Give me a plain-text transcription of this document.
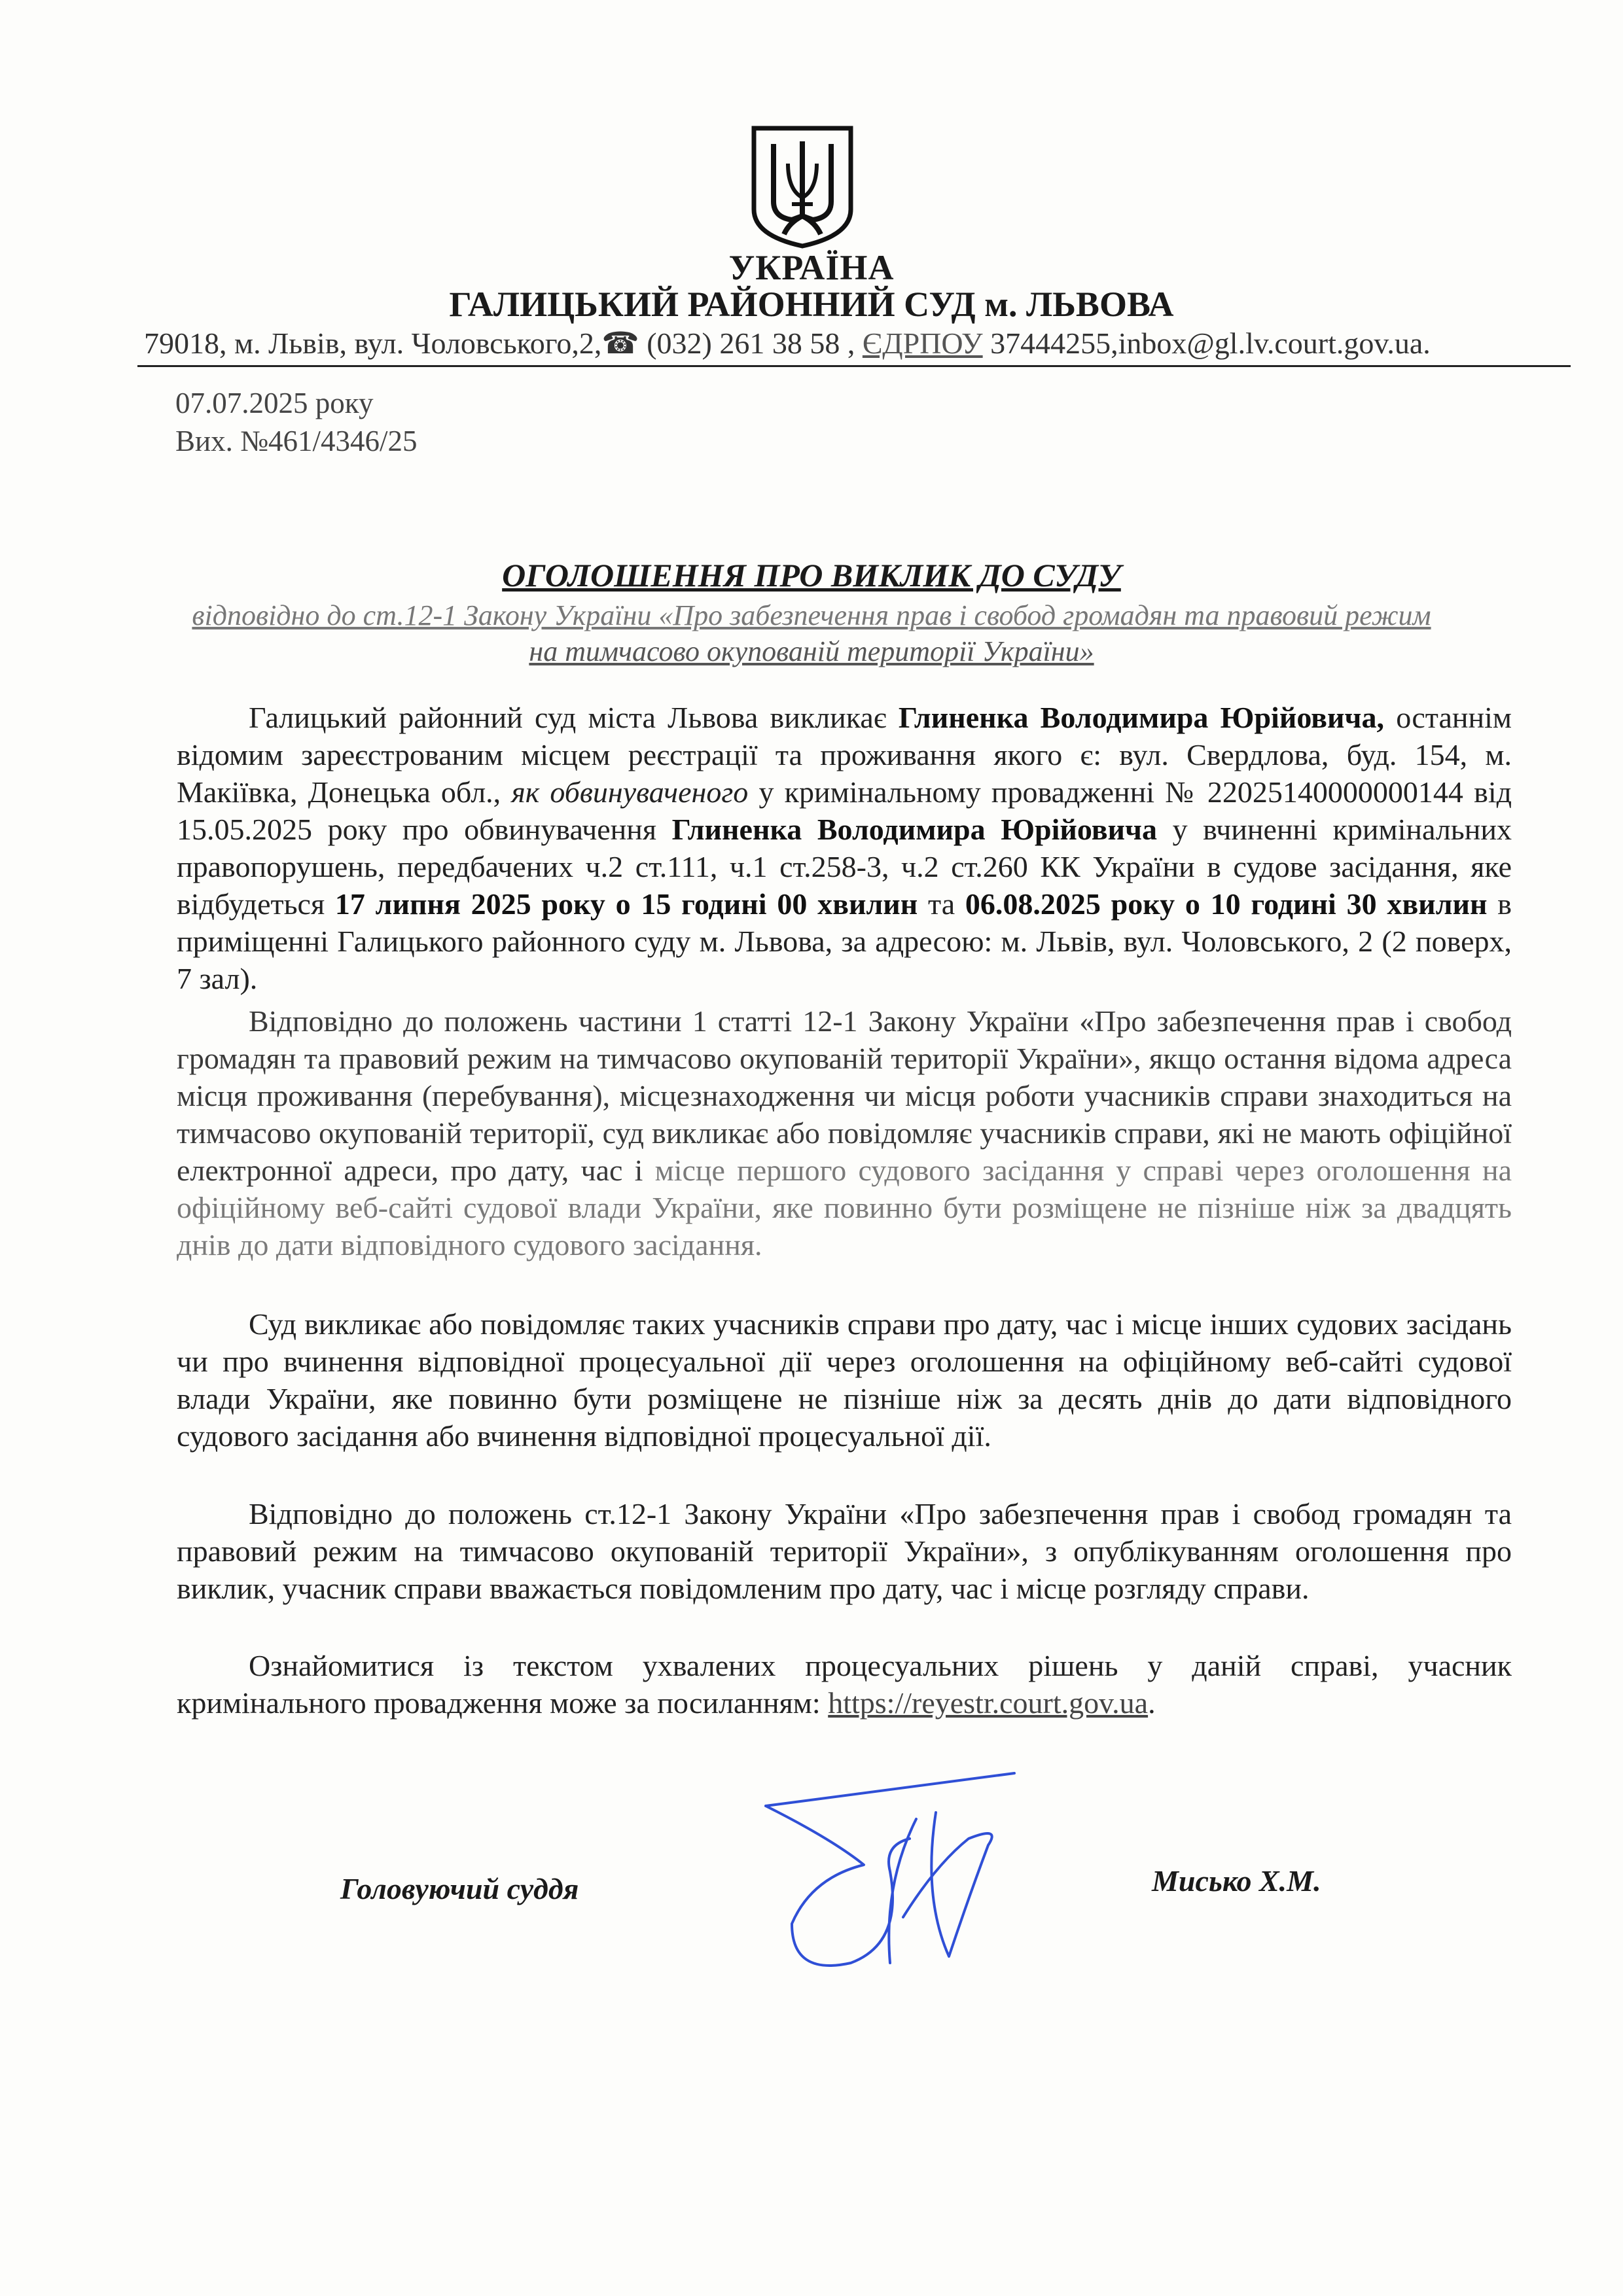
УКРАЇНА
ГАЛИЦЬКИЙ РАЙОННИЙ СУД м. ЛЬВОВА
79018, м. Львів, вул. Чоловського,2,☎ (032) 261 38 58 , ЄДРПОУ 37444255,inbox@gl.lv.court.gov.ua.
07.07.2025 року
Вих. №461/4346/25
ОГОЛОШЕННЯ ПРО ВИКЛИК ДО СУДУ
відповідно до ст.12-1 Закону України «Про забезпечення прав і свобод громадян та правовий режим
на тимчасово окупованій території України»

Галицький районний суд міста Львова викликає Глиненка Володимира Юрійовича, останнім відомим зареєстрованим місцем реєстрації та проживання якого є: вул. Свердлова, буд. 154, м. Макіївка, Донецька обл., як обвинуваченого у кримінальному провадженні № 22025140000000144 від 15.05.2025 року про обвинувачення Глиненка Володимира Юрійовича у вчиненні кримінальних правопорушень, передбачених ч.2 ст.111, ч.1 ст.258-3, ч.2 ст.260 КК України в судове засідання, яке відбудеться 17 липня 2025 року о 15 годині 00 хвилин та 06.08.2025 року о 10 годині 30 хвилин в приміщенні Галицького районного суду м. Львова, за адресою: м. Львів, вул. Чоловського, 2 (2 поверх, 7 зал).

Відповідно до положень частини 1 статті 12-1 Закону України «Про забезпечення прав і свобод громадян та правовий режим на тимчасово окупованій території України», якщо остання відома адреса місця проживання (перебування), місцезнаходження чи місця роботи учасників справи знаходиться на тимчасово окупованій території, суд викликає або повідомляє учасників справи, які не мають офіційної електронної адреси, про дату, час і місце першого судового засідання у справі через оголошення на офіційному веб-сайті судової влади України, яке повинно бути розміщене не пізніше ніж за двадцять днів до дати відповідного судового засідання.

Суд викликає або повідомляє таких учасників справи про дату, час і місце інших судових засідань чи про вчинення відповідної процесуальної дії через оголошення на офіційному веб-сайті судової влади України, яке повинно бути розміщене не пізніше ніж за десять днів до дати відповідного судового засідання або вчинення відповідної процесуальної дії.

Відповідно до положень ст.12-1 Закону України «Про забезпечення прав і свобод громадян та правовий режим на тимчасово окупованій території України», з опублікуванням оголошення про виклик, учасник справи вважається повідомленим про дату, час і місце розгляду справи.

Ознайомитися із текстом ухвалених процесуальних рішень у даній справі, учасник кримінального провадження може за посиланням: https://reyestr.court.gov.ua.

Головуючий суддя	Мисько Х.М.
